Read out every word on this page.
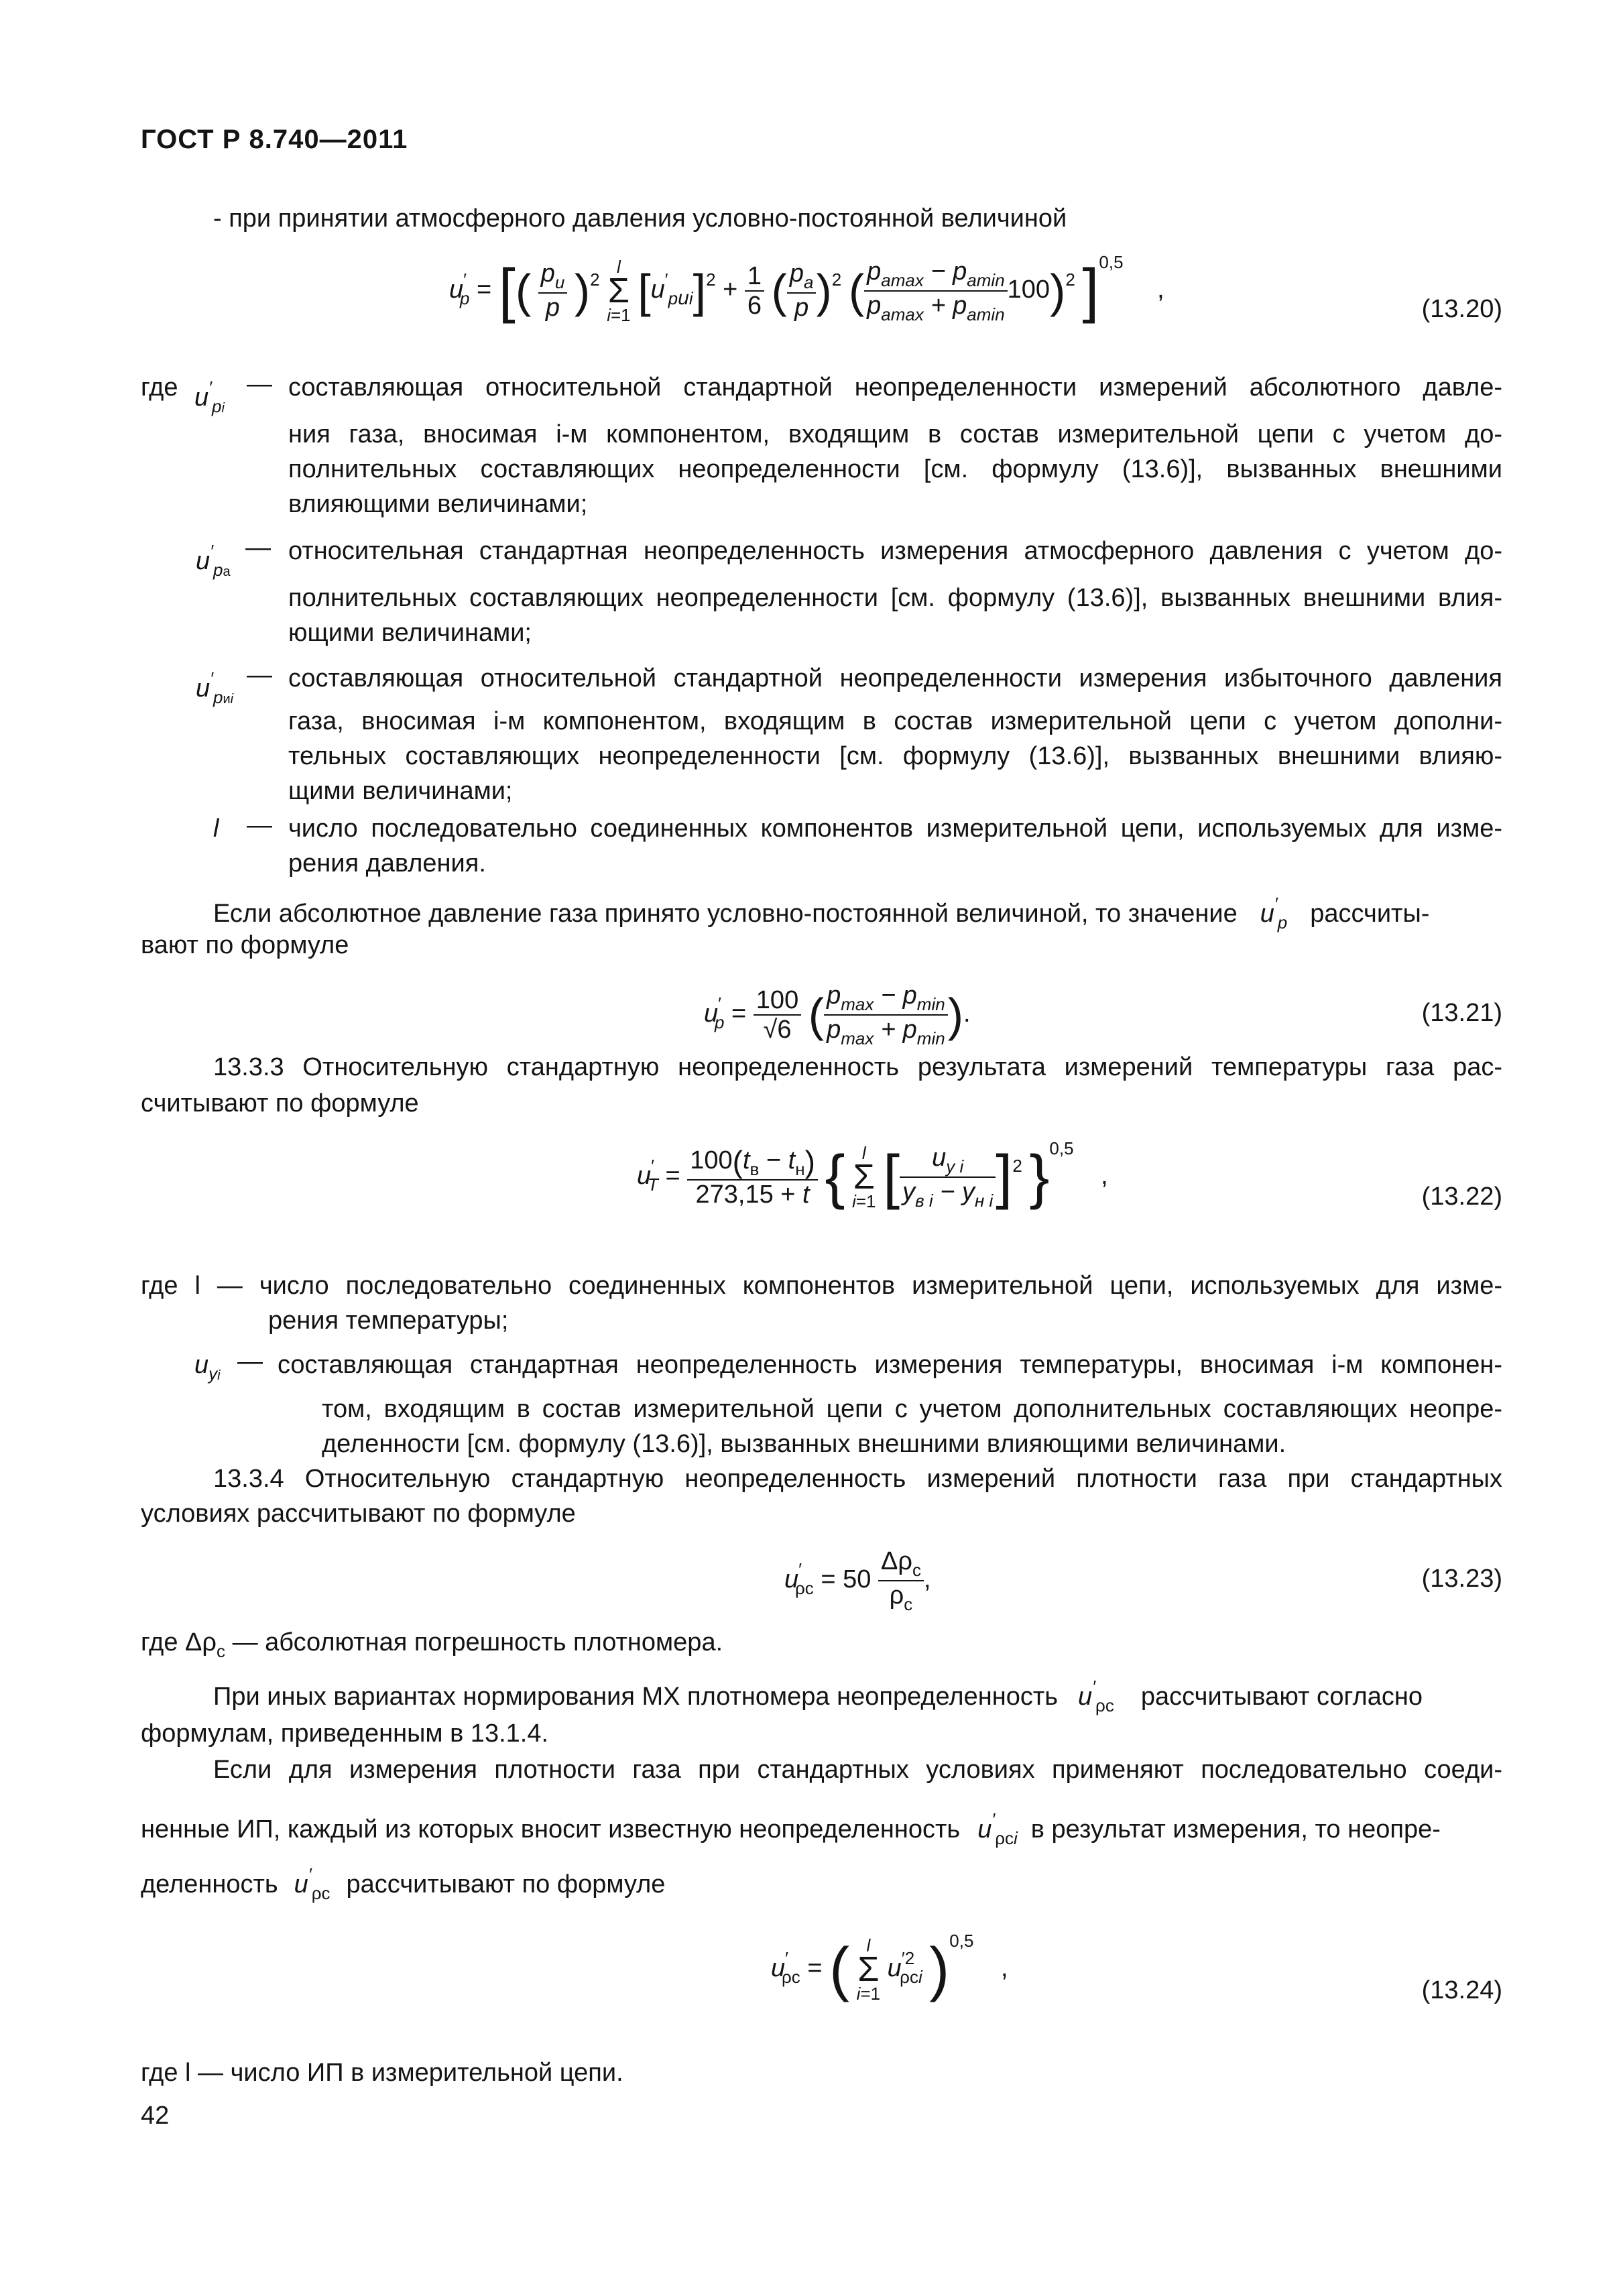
ГОСТ Р 8.740—2011
- при принятии атмосферного давления условно-постоянной величиной
$u'_p$ = [( $\frac{p_и}{p} )^2$
l
Σ
i=1 $[u'_{pиi}]^2 + \frac{1}{6}$ ( $\frac{p_а}{p} )^2$ ( $\frac{p_{аmax} - p_{аmin}}{p_{аmax} + p_{аmin}} 100)^2$ ]$^{0,5}$ ,
(13.20)
где $u'_{pi}$
— составляющая относительной стандартной неопределенности измерений абсолютного давле-
ния газа, вносимая i-м компонентом, входящим в состав измерительной цепи с учетом до-
полнительных составляющих неопределенности [см. формулу (13.6)], вызванных внешними
влияющими величинами;
$u'_{pа}$
— относительная стандартная неопределенность измерения атмосферного давления с учетом до-
полнительных составляющих неопределенности [см. формулу (13.6)], вызванных внешними влия-
ющими величинами;
$u'_{pиi}$
— составляющая относительной стандартной неопределенности измерения избыточного давления
газа, вносимая i-м компонентом, входящим в состав измерительной цепи с учетом дополни-
тельных составляющих неопределенности [см. формулу (13.6)], вызванных внешними влияю-
щими величинами;
l — число последовательно соединенных компонентов измерительной цепи, используемых для изме-
рения давления.
Если абсолютное давление газа принято условно-постоянной величиной, то значение $u'_p$ рассчиты-
вают по формуле
$u'_p = \frac{100}{√6}$ ( $\frac{p_{max} - p_{min}}{p_{max} + p_{min}}$ ).	(13.21)
13.3.3 Относительную стандартную неопределенность результата измерений температуры газа рас-
считывают по формуле
$u'_T = \frac{100(t_в - t_н)}{273,15 + t}$ { l
Σ
i=1 [ $\frac{u_{y i}}{y_{в i} - y_{н i}} ]^2$ }$^{0,5}$ ,
(13.22)
где l — число последовательно соединенных компонентов измерительной цепи, используемых для изме-
рения температуры;
$u_{yi}$ — составляющая стандартная неопределенность измерения температуры, вносимая i-м компонен-
том, входящим в состав измерительной цепи с учетом дополнительных составляющих неопре-
деленности [см. формулу (13.6)], вызванных внешними влияющими величинами.
13.3.4 Относительную стандартную неопределенность измерений плотности газа при стандартных
условиях рассчитывают по формуле
$u'_{\rho с} = 50 \frac{\Delta\rho_с}{\rho_с}$ ,	(13.23)
где $\Delta\rho_с$ — абсолютная погрешность плотномера.
При иных вариантах нормирования МХ плотномера неопределенность $u'_{\rho с}$ рассчитывают согласно
формулам, приведенным в 13.1.4.
Если для измерения плотности газа при стандартных условиях применяют последовательно соеди-
ненные ИП, каждый из которых вносит известную неопределенность $u'_{\rho сi}$ в результат измерения, то неопре-
деленность $u'_{\rho с}$ рассчитывают по формуле
$u'_{\rho с}$ = ( l
Σ
i=1
$u^{'2}_{\rho сi}$ )$^{0,5}$ ,
(13.24)
где l — число ИП в измерительной цепи.
42
